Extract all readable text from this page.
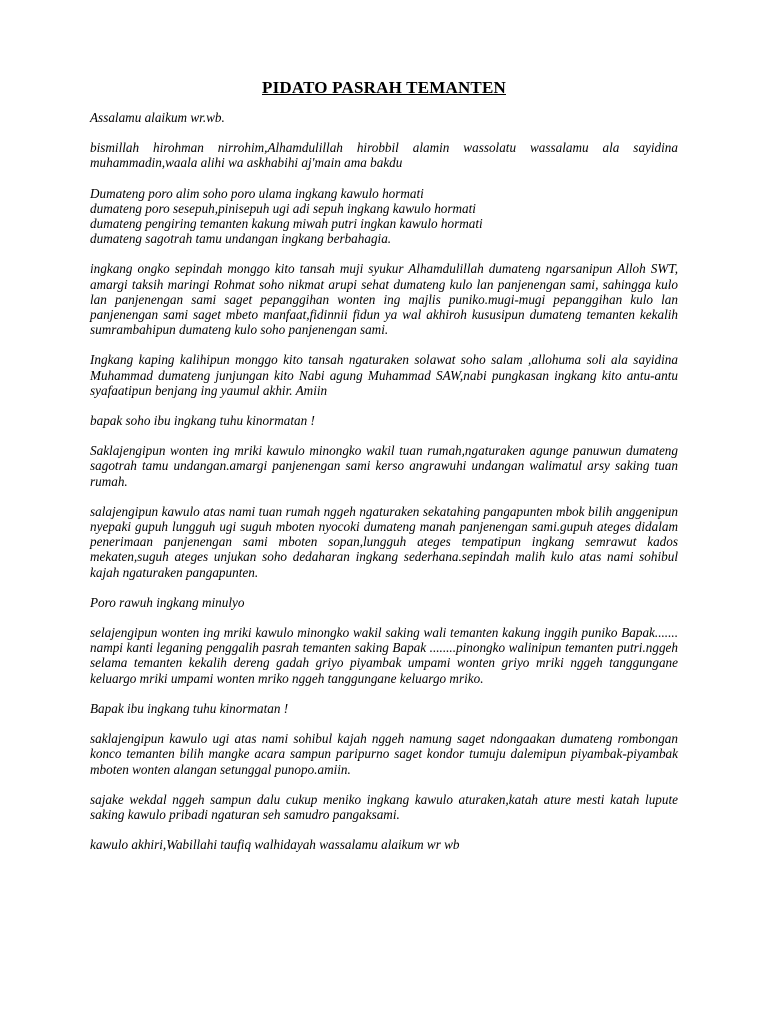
PIDATO PASRAH TEMANTEN

Assalamu alaikum wr.wb.

bismillah hirohman nirrohim,Alhamdulillah hirobbil alamin wassolatu wassalamu ala sayidina muhammadin,waala alihi wa askhabihi aj'main ama bakdu

Dumateng poro alim soho poro ulama ingkang kawulo hormati
dumateng poro sesepuh,pinisepuh ugi adi sepuh ingkang kawulo hormati
dumateng pengiring temanten kakung miwah putri ingkan kawulo hormati
dumateng sagotrah tamu undangan ingkang berbahagia.

ingkang ongko sepindah monggo kito tansah muji syukur Alhamdulillah dumateng ngarsanipun Alloh SWT, amargi taksih maringi Rohmat soho nikmat arupi sehat dumateng kulo lan panjenengan sami, sahingga kulo lan panjenengan sami saget pepanggihan wonten ing majlis puniko.mugi-mugi pepanggihan kulo lan panjenengan sami saget mbeto manfaat,fidinnii fidun ya wal akhiroh kususipun dumateng temanten kekalih sumrambahipun dumateng kulo soho panjenengan sami.

Ingkang kaping kalihipun monggo kito tansah ngaturaken solawat soho salam ,allohuma soli ala sayidina Muhammad dumateng junjungan kito Nabi agung Muhammad SAW,nabi pungkasan ingkang kito antu-antu syafaatipun benjang ing yaumul akhir. Amiin

bapak soho ibu ingkang tuhu kinormatan !

Saklajengipun wonten ing mriki kawulo minongko wakil tuan rumah,ngaturaken agunge panuwun dumateng sagotrah tamu undangan.amargi panjenengan sami kerso angrawuhi undangan walimatul arsy saking tuan rumah.

salajengipun kawulo atas nami tuan rumah nggeh ngaturaken sekatahing pangapunten mbok bilih anggenipun nyepaki gupuh lungguh ugi suguh mboten nyocoki dumateng manah panjenengan sami.gupuh ateges didalam penerimaan panjenengan sami mboten sopan,lungguh ateges tempatipun ingkang semrawut kados mekaten,suguh ateges unjukan soho dedaharan ingkang sederhana.sepindah malih kulo atas nami sohibul kajah ngaturaken pangapunten.

Poro rawuh ingkang minulyo

selajengipun wonten ing mriki kawulo minongko wakil saking wali temanten kakung inggih puniko Bapak....... nampi kanti leganing penggalih pasrah temanten saking Bapak ........pinongko walinipun temanten putri.nggeh selama temanten kekalih dereng gadah griyo piyambak umpami wonten griyo mriki nggeh tanggungane keluargo mriki umpami wonten mriko nggeh tanggungane keluargo mriko.

Bapak ibu ingkang tuhu kinormatan !

saklajengipun kawulo ugi atas nami sohibul kajah nggeh namung saget ndongaakan dumateng rombongan konco temanten bilih mangke acara sampun paripurno saget kondor tumuju dalemipun piyambak-piyambak mboten wonten alangan setunggal punopo.amiin.

sajake wekdal nggeh sampun dalu cukup meniko ingkang kawulo aturaken,katah ature mesti katah lupute saking kawulo pribadi ngaturan seh samudro pangaksami.

kawulo akhiri,Wabillahi taufiq walhidayah wassalamu alaikum wr wb
